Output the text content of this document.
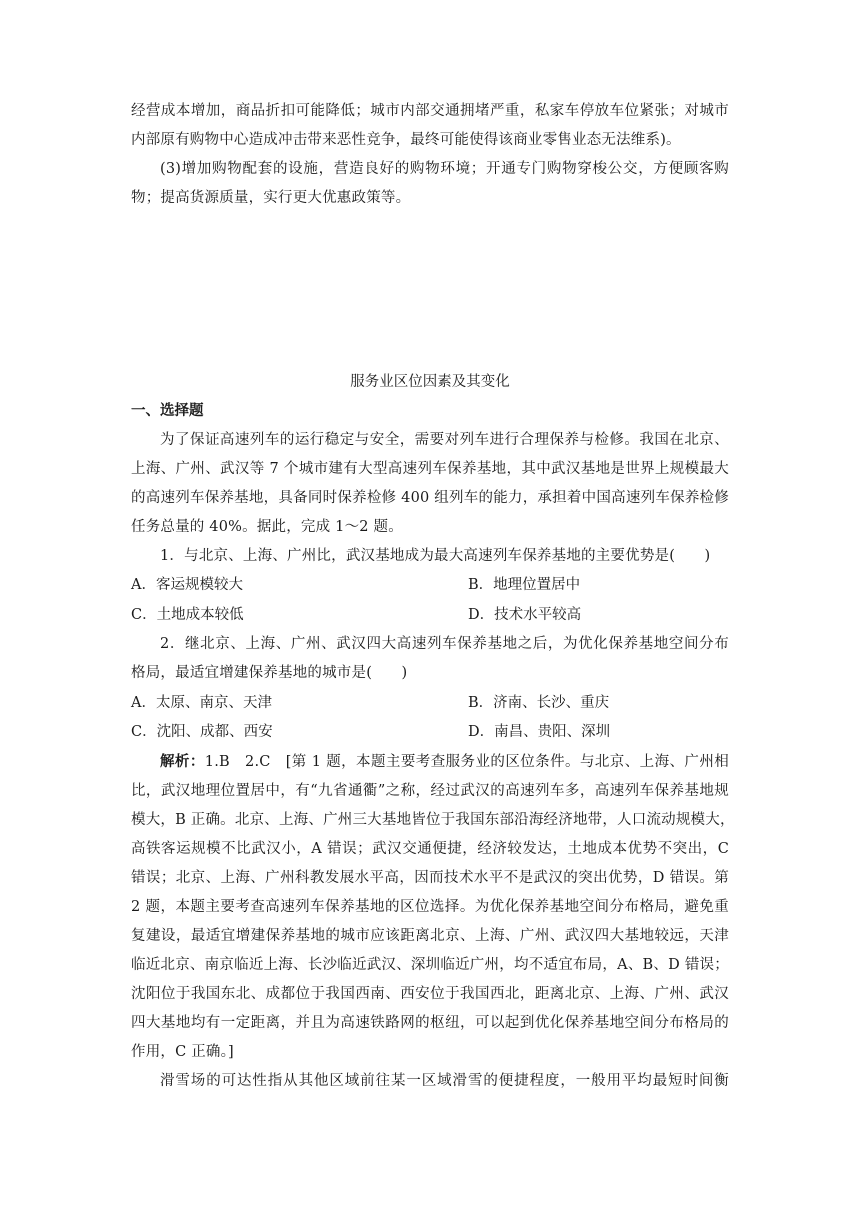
经营成本增加，商品折扣可能降低；城市内部交通拥堵严重，私家车停放车位紧张；对城市
内部原有购物中心造成冲击带来恶性竞争，最终可能使得该商业零售业态无法维系)。
(3)增加购物配套的设施，营造良好的购物环境；开通专门购物穿梭公交，方便顾客购
物；提高货源质量，实行更大优惠政策等。
服务业区位因素及其变化
一、选择题
为了保证高速列车的运行稳定与安全，需要对列车进行合理保养与检修。我国在北京、
上海、广州、武汉等 7 个城市建有大型高速列车保养基地，其中武汉基地是世界上规模最大
的高速列车保养基地，具备同时保养检修 400 组列车的能力，承担着中国高速列车保养检修
任务总量的 40%。据此，完成 1～2 题。
1．与北京、上海、广州比，武汉基地成为最大高速列车保养基地的主要优势是(　　)
A．客运规模较大	B．地理位置居中
C．土地成本较低	D．技术水平较高
2．继北京、上海、广州、武汉四大高速列车保养基地之后，为优化保养基地空间分布
格局，最适宜增建保养基地的城市是(　　)
A．太原、南京、天津	B．济南、长沙、重庆
C．沈阳、成都、西安	D．南昌、贵阳、深圳
解析：1.B　2.C　[第 1 题，本题主要考查服务业的区位条件。与北京、上海、广州相
比，武汉地理位置居中，有“九省通衢”之称，经过武汉的高速列车多，高速列车保养基地规
模大，B 正确。北京、上海、广州三大基地皆位于我国东部沿海经济地带，人口流动规模大，
高铁客运规模不比武汉小，A 错误；武汉交通便捷，经济较发达，土地成本优势不突出，C
错误；北京、上海、广州科教发展水平高，因而技术水平不是武汉的突出优势，D 错误。第
2 题，本题主要考查高速列车保养基地的区位选择。为优化保养基地空间分布格局，避免重
复建设，最适宜增建保养基地的城市应该距离北京、上海、广州、武汉四大基地较远，天津
临近北京、南京临近上海、长沙临近武汉、深圳临近广州，均不适宜布局，A、B、D 错误；
沈阳位于我国东北、成都位于我国西南、西安位于我国西北，距离北京、上海、广州、武汉
四大基地均有一定距离，并且为高速铁路网的枢纽，可以起到优化保养基地空间分布格局的
作用，C 正确。]
滑雪场的可达性指从其他区域前往某一区域滑雪的便捷程度，一般用平均最短时间衡
